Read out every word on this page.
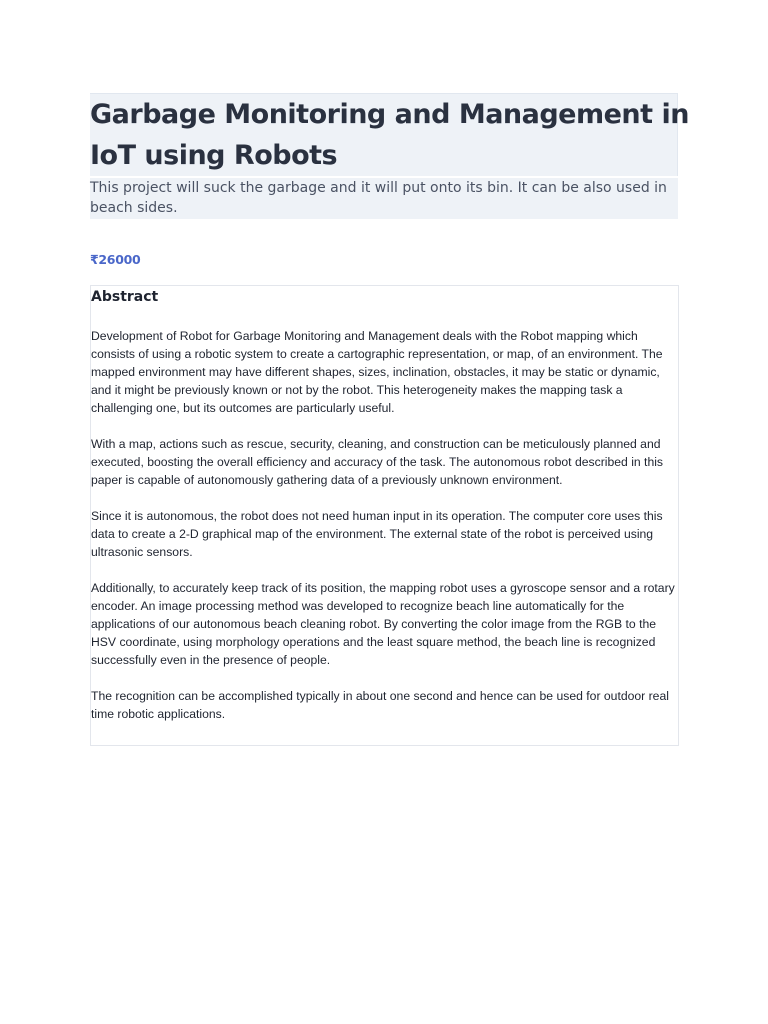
Garbage Monitoring and Management in IoT using Robots

This project will suck the garbage and it will put onto its bin. It can be also used in beach sides.

₹26000
Abstract

Development of Robot for Garbage Monitoring and Management deals with the Robot mapping which consists of using a robotic system to create a cartographic representation, or map, of an environment. The mapped environment may have different shapes, sizes, inclination, obstacles, it may be static or dynamic, and it might be previously known or not by the robot. This heterogeneity makes the mapping task a challenging one, but its outcomes are particularly useful.

With a map, actions such as rescue, security, cleaning, and construction can be meticulously planned and executed, boosting the overall efficiency and accuracy of the task. The autonomous robot described in this paper is capable of autonomously gathering data of a previously unknown environment.

Since it is autonomous, the robot does not need human input in its operation. The computer core uses this data to create a 2-D graphical map of the environment. The external state of the robot is perceived using ultrasonic sensors.

Additionally, to accurately keep track of its position, the mapping robot uses a gyroscope sensor and a rotary encoder. An image processing method was developed to recognize beach line automatically for the applications of our autonomous beach cleaning robot. By converting the color image from the RGB to the HSV coordinate, using morphology operations and the least square method, the beach line is recognized successfully even in the presence of people.

The recognition can be accomplished typically in about one second and hence can be used for outdoor real time robotic applications.
